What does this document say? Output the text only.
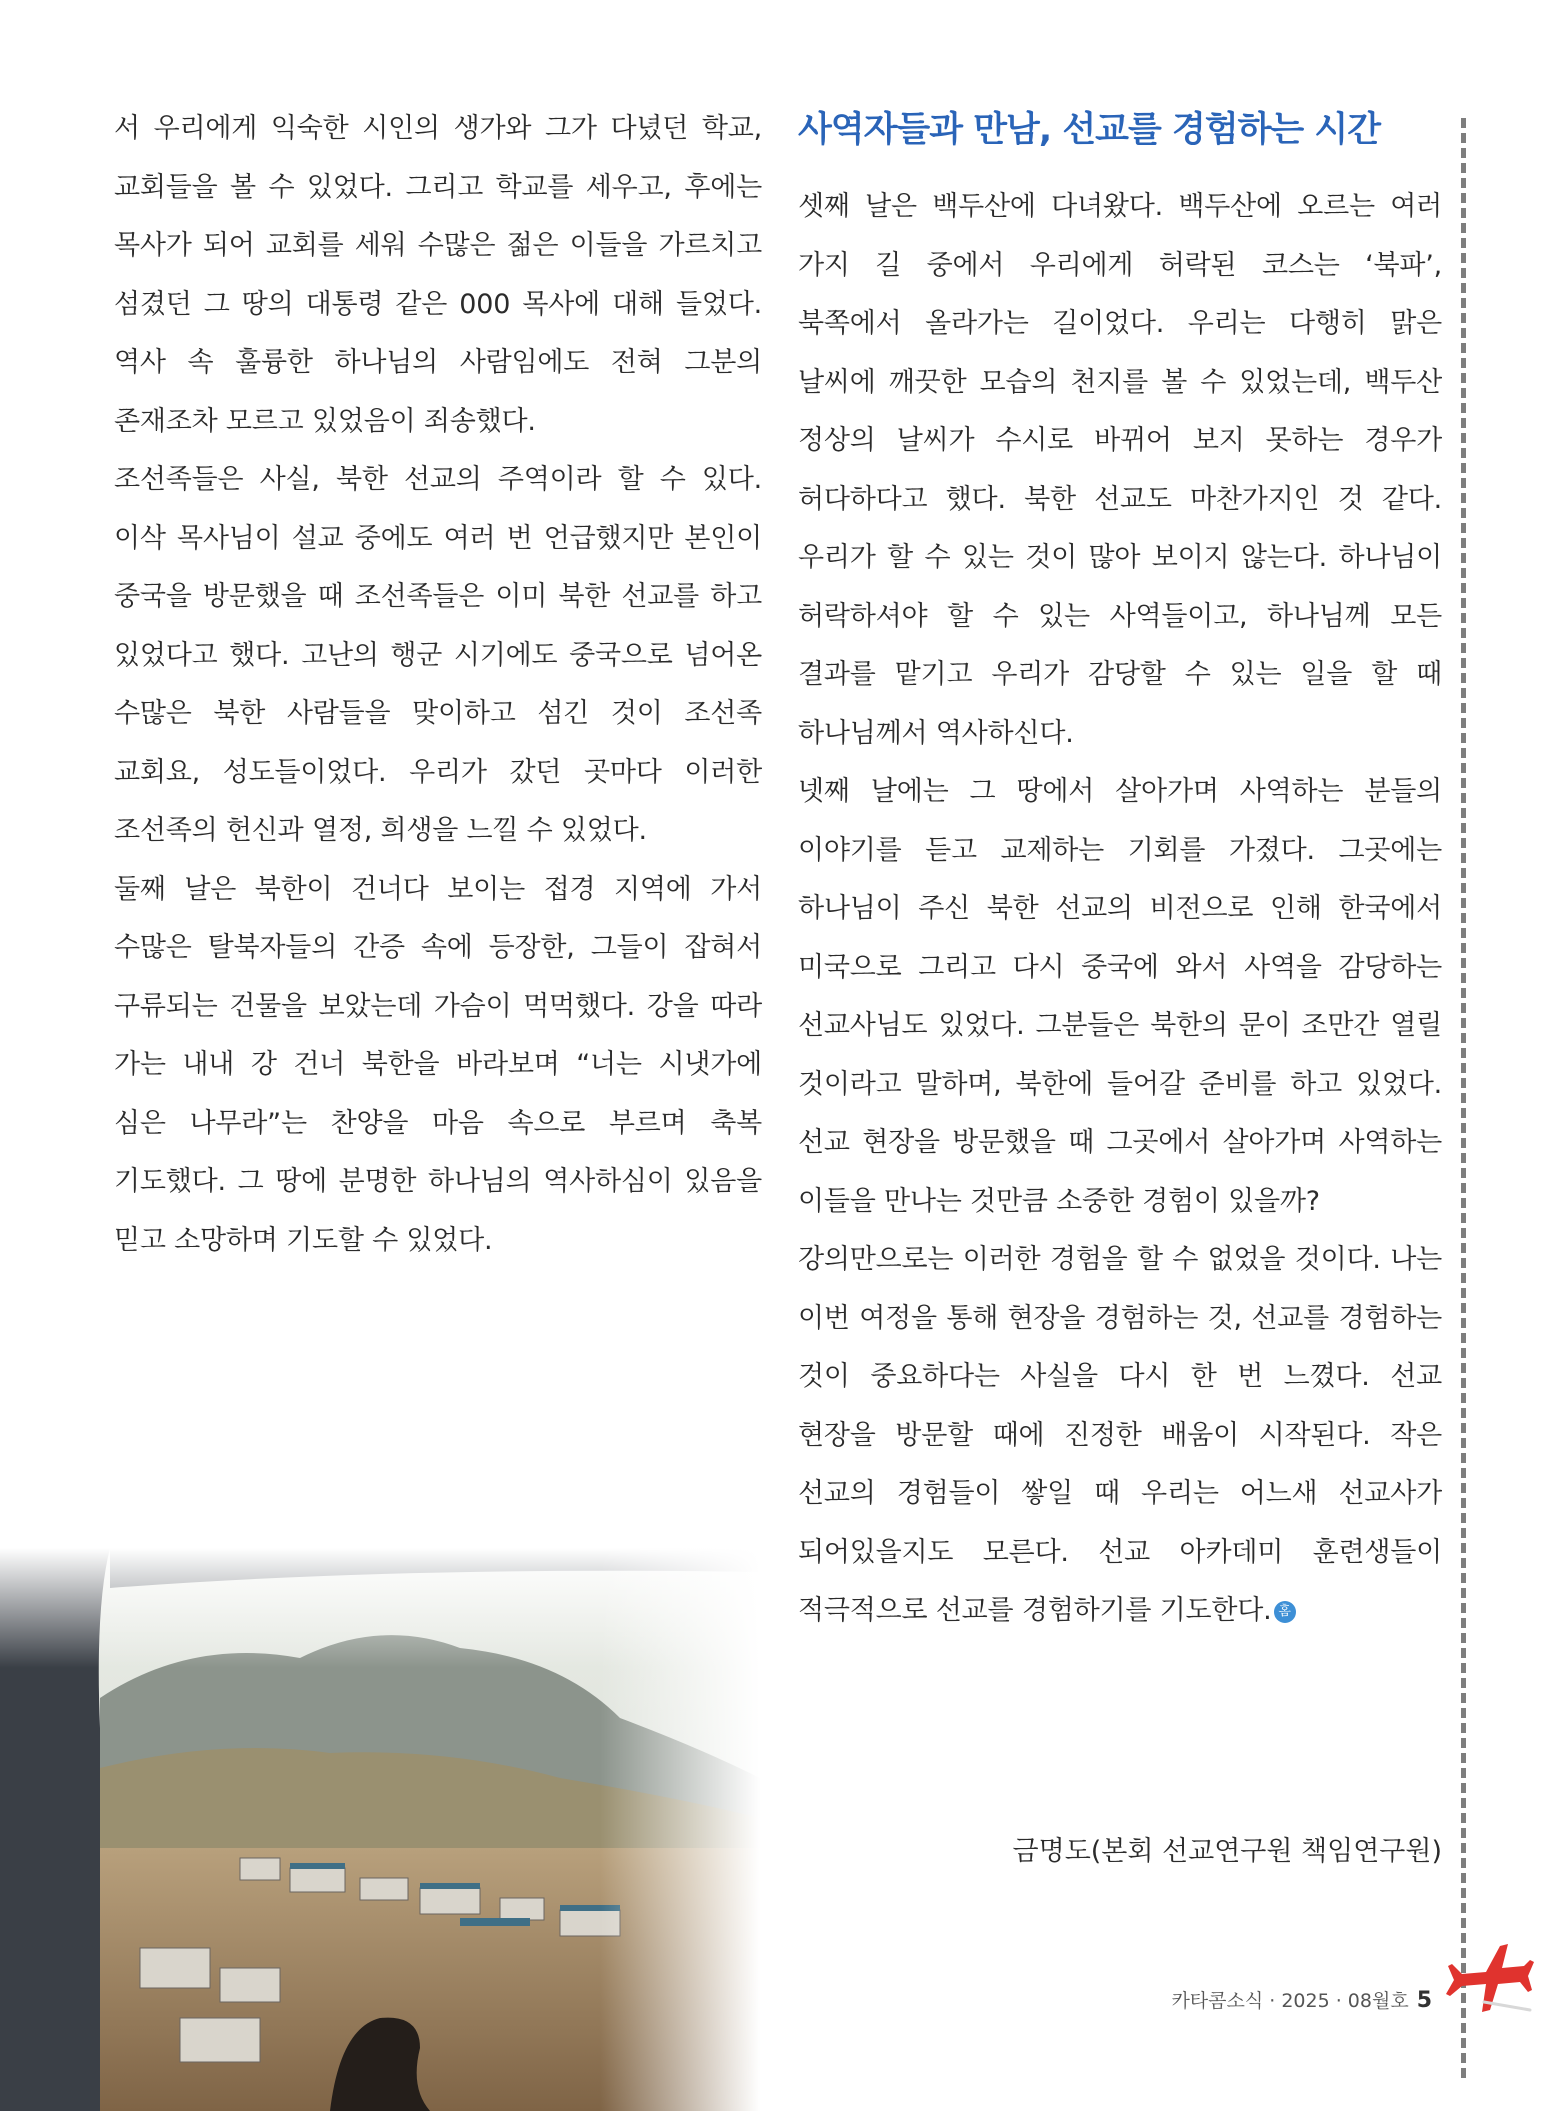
서 우리에게 익숙한 시인의 생가와 그가 다녔던 학교, 교회들을 볼 수 있었다. 그리고 학교를 세우고, 후에는 목사가 되어 교회를 세워 수많은 젊은 이들을 가르치고 섬겼던 그 땅의 대통령 같은 000 목사에 대해 들었다. 역사 속 훌륭한 하나님의 사람임에도 전혀 그분의 존재조차 모르고 있었음이 죄송했다.

조선족들은 사실, 북한 선교의 주역이라 할 수 있다. 이삭 목사님이 설교 중에도 여러 번 언급했지만 본인이 중국을 방문했을 때 조선족들은 이미 북한 선교를 하고 있었다고 했다. 고난의 행군 시기에도 중국으로 넘어온 수많은 북한 사람들을 맞이하고 섬긴 것이 조선족 교회요, 성도들이었다. 우리가 갔던 곳마다 이러한 조선족의 헌신과 열정, 희생을 느낄 수 있었다.

둘째 날은 북한이 건너다 보이는 접경 지역에 가서 수많은 탈북자들의 간증 속에 등장한, 그들이 잡혀서 구류되는 건물을 보았는데 가슴이 먹먹했다. 강을 따라 가는 내내 강 건너 북한을 바라보며 “너는 시냇가에 심은 나무라”는 찬양을 마음 속으로 부르며 축복 기도했다. 그 땅에 분명한 하나님의 역사하심이 있음을 믿고 소망하며 기도할 수 있었다.

사역자들과 만남, 선교를 경험하는 시간

셋째 날은 백두산에 다녀왔다. 백두산에 오르는 여러 가지 길 중에서 우리에게 허락된 코스는 ‘북파’, 북쪽에서 올라가는 길이었다. 우리는 다행히 맑은 날씨에 깨끗한 모습의 천지를 볼 수 있었는데, 백두산 정상의 날씨가 수시로 바뀌어 보지 못하는 경우가 허다하다고 했다. 북한 선교도 마찬가지인 것 같다. 우리가 할 수 있는 것이 많아 보이지 않는다. 하나님이 허락하셔야 할 수 있는 사역들이고, 하나님께 모든 결과를 맡기고 우리가 감당할 수 있는 일을 할 때 하나님께서 역사하신다.

넷째 날에는 그 땅에서 살아가며 사역하는 분들의 이야기를 듣고 교제하는 기회를 가졌다. 그곳에는 하나님이 주신 북한 선교의 비전으로 인해 한국에서 미국으로 그리고 다시 중국에 와서 사역을 감당하는 선교사님도 있었다. 그분들은 북한의 문이 조만간 열릴 것이라고 말하며, 북한에 들어갈 준비를 하고 있었다. 선교 현장을 방문했을 때 그곳에서 살아가며 사역하는 이들을 만나는 것만큼 소중한 경험이 있을까?

강의만으로는 이러한 경험을 할 수 없었을 것이다. 나는 이번 여정을 통해 현장을 경험하는 것, 선교를 경험하는 것이 중요하다는 사실을 다시 한 번 느꼈다. 선교 현장을 방문할 때에 진정한 배움이 시작된다. 작은 선교의 경험들이 쌓일 때 우리는 어느새 선교사가 되어있을지도 모른다. 선교 아카데미 훈련생들이 적극적으로 선교를 경험하기를 기도한다. 홈

금명도(본회 선교연구원 책임연구원)
카타콤소식 · 2025 · 08월호 5
